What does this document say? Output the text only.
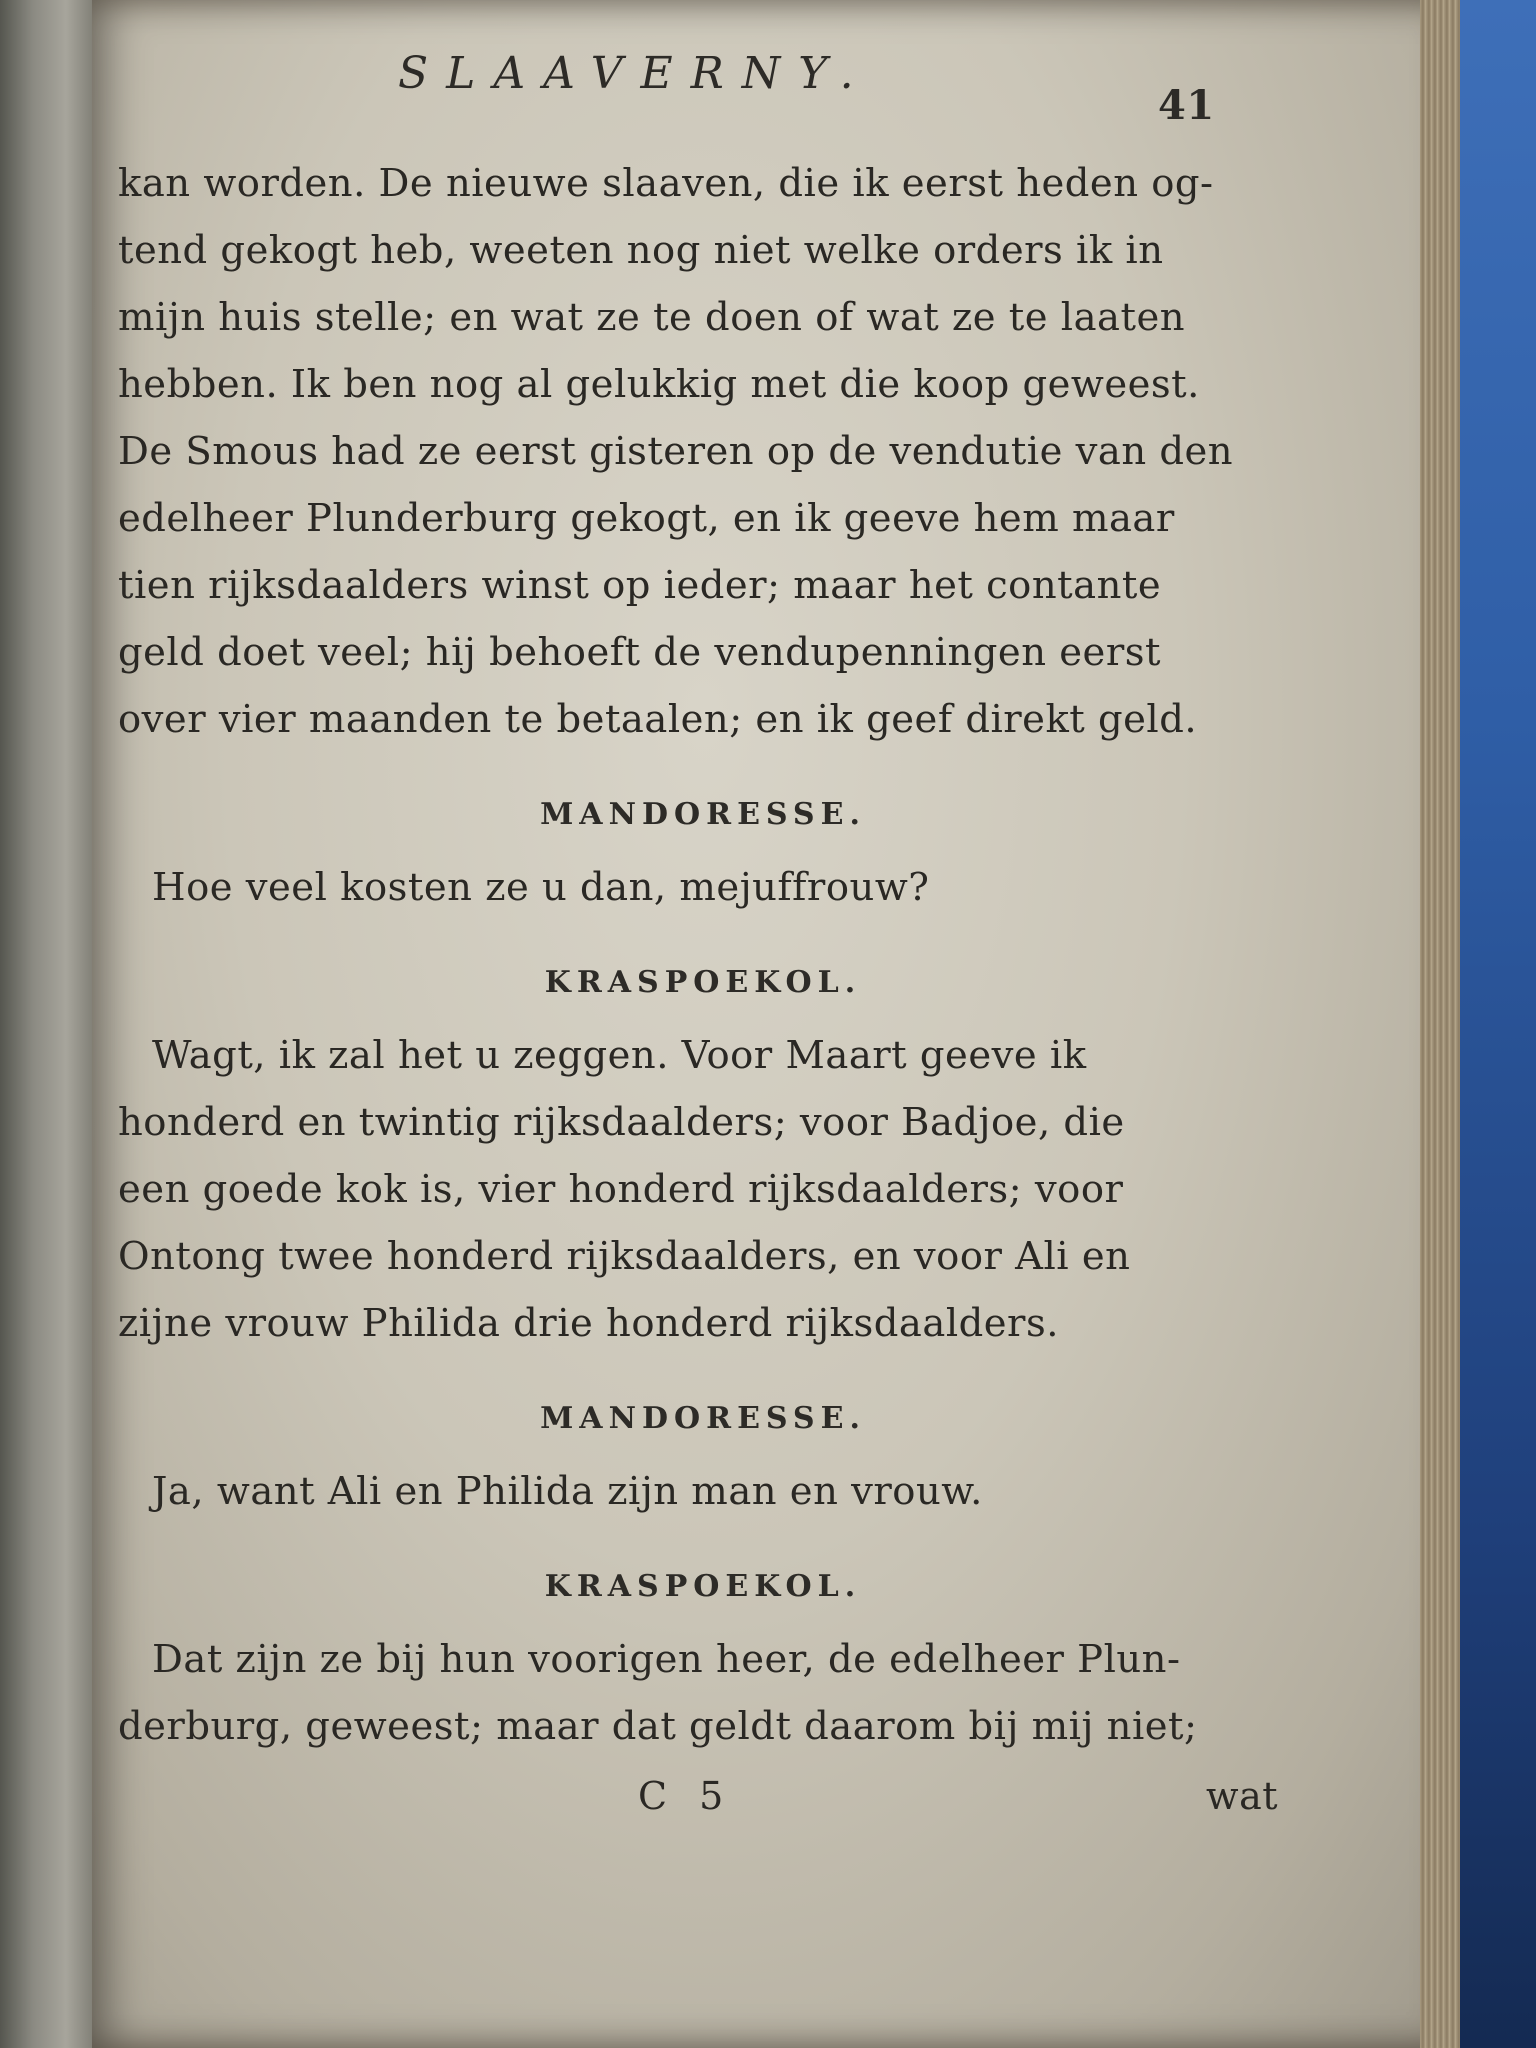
SLAAVERNY.
41
kan worden. De nieuwe slaaven, die ik eerst heden og-
tend gekogt heb, weeten nog niet welke orders ik in
mijn huis stelle; en wat ze te doen of wat ze te laaten
hebben. Ik ben nog al gelukkig met die koop geweest.
De Smous had ze eerst gisteren op de vendutie van den
edelheer Plunderburg gekogt, en ik geeve hem maar
tien rijksdaalders winst op ieder; maar het contante
geld doet veel; hij behoeft de vendupenningen eerst
over vier maanden te betaalen; en ik geef direkt geld.
MANDORESSE.
Hoe veel kosten ze u dan, mejuffrouw?
KRASPOEKOL.
Wagt, ik zal het u zeggen. Voor Maart geeve ik
honderd en twintig rijksdaalders; voor Badjoe, die
een goede kok is, vier honderd rijksdaalders; voor
Ontong twee honderd rijksdaalders, en voor Ali en
zijne vrouw Philida drie honderd rijksdaalders.
MANDORESSE.
Ja, want Ali en Philida zijn man en vrouw.
KRASPOEKOL.
Dat zijn ze bij hun voorigen heer, de edelheer Plun-
derburg, geweest; maar dat geldt daarom bij mij niet;
C 5	wat
